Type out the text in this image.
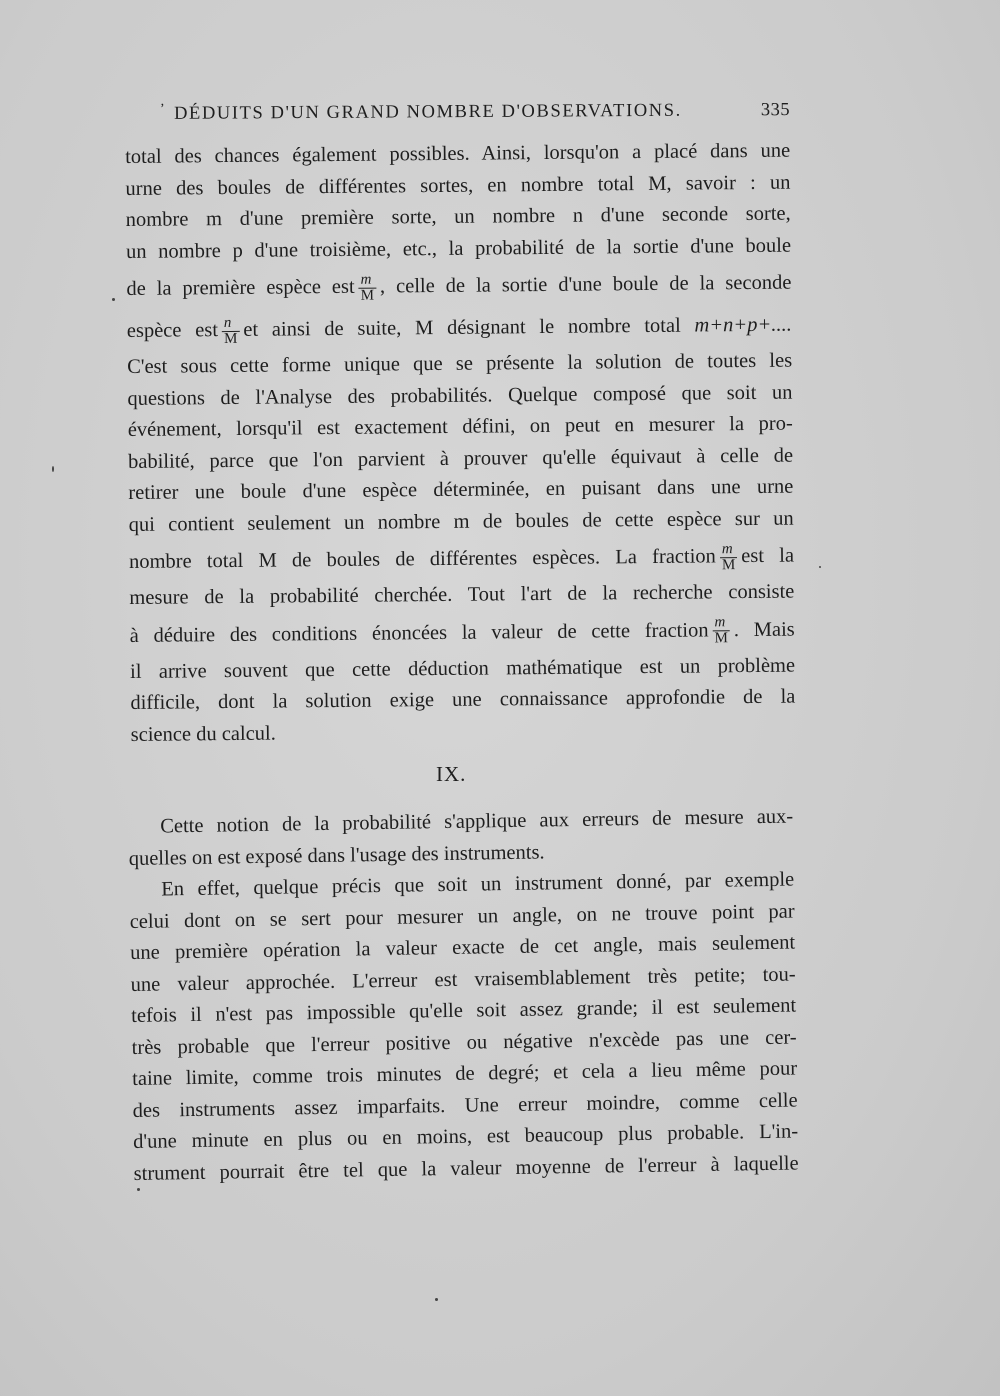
’ DÉDUITS D'UN GRAND NOMBRE D'OBSERVATIONS.	335
total des chances également possibles. Ainsi, lorsqu'on a placé dans une
urne des boules de différentes sortes, en nombre total M, savoir : un
nombre m d'une première sorte, un nombre n d'une seconde sorte,
un nombre p d'une troisième, etc., la probabilité de la sortie d'une boule
de la première espèce est $\frac{m}{M}$ , celle de la sortie d'une boule de la seconde
espèce est $\frac{n}{M}$ et ainsi de suite, M désignant le nombre total m+n+p+....
C'est sous cette forme unique que se présente la solution de toutes les
questions de l'Analyse des probabilités. Quelque composé que soit un
événement, lorsqu'il est exactement défini, on peut en mesurer la pro-
babilité, parce que l'on parvient à prouver qu'elle équivaut à celle de
retirer une boule d'une espèce déterminée, en puisant dans une urne
qui contient seulement un nombre m de boules de cette espèce sur un
nombre total M de boules de différentes espèces. La fraction $\frac{m}{M}$ est la
mesure de la probabilité cherchée. Tout l'art de la recherche consiste
à déduire des conditions énoncées la valeur de cette fraction $\frac{m}{M}$ . Mais
il arrive souvent que cette déduction mathématique est un problème
difficile, dont la solution exige une connaissance approfondie de la
science du calcul.
IX.
Cette notion de la probabilité s'applique aux erreurs de mesure aux-
quelles on est exposé dans l'usage des instruments.
En effet, quelque précis que soit un instrument donné, par exemple
celui dont on se sert pour mesurer un angle, on ne trouve point par
une première opération la valeur exacte de cet angle, mais seulement
une valeur approchée. L'erreur est vraisemblablement très petite; tou-
tefois il n'est pas impossible qu'elle soit assez grande; il est seulement
très probable que l'erreur positive ou négative n'excède pas une cer-
taine limite, comme trois minutes de degré; et cela a lieu même pour
des instruments assez imparfaits. Une erreur moindre, comme celle
d'une minute en plus ou en moins, est beaucoup plus probable. L'in-
strument pourrait être tel que la valeur moyenne de l'erreur à laquelle
